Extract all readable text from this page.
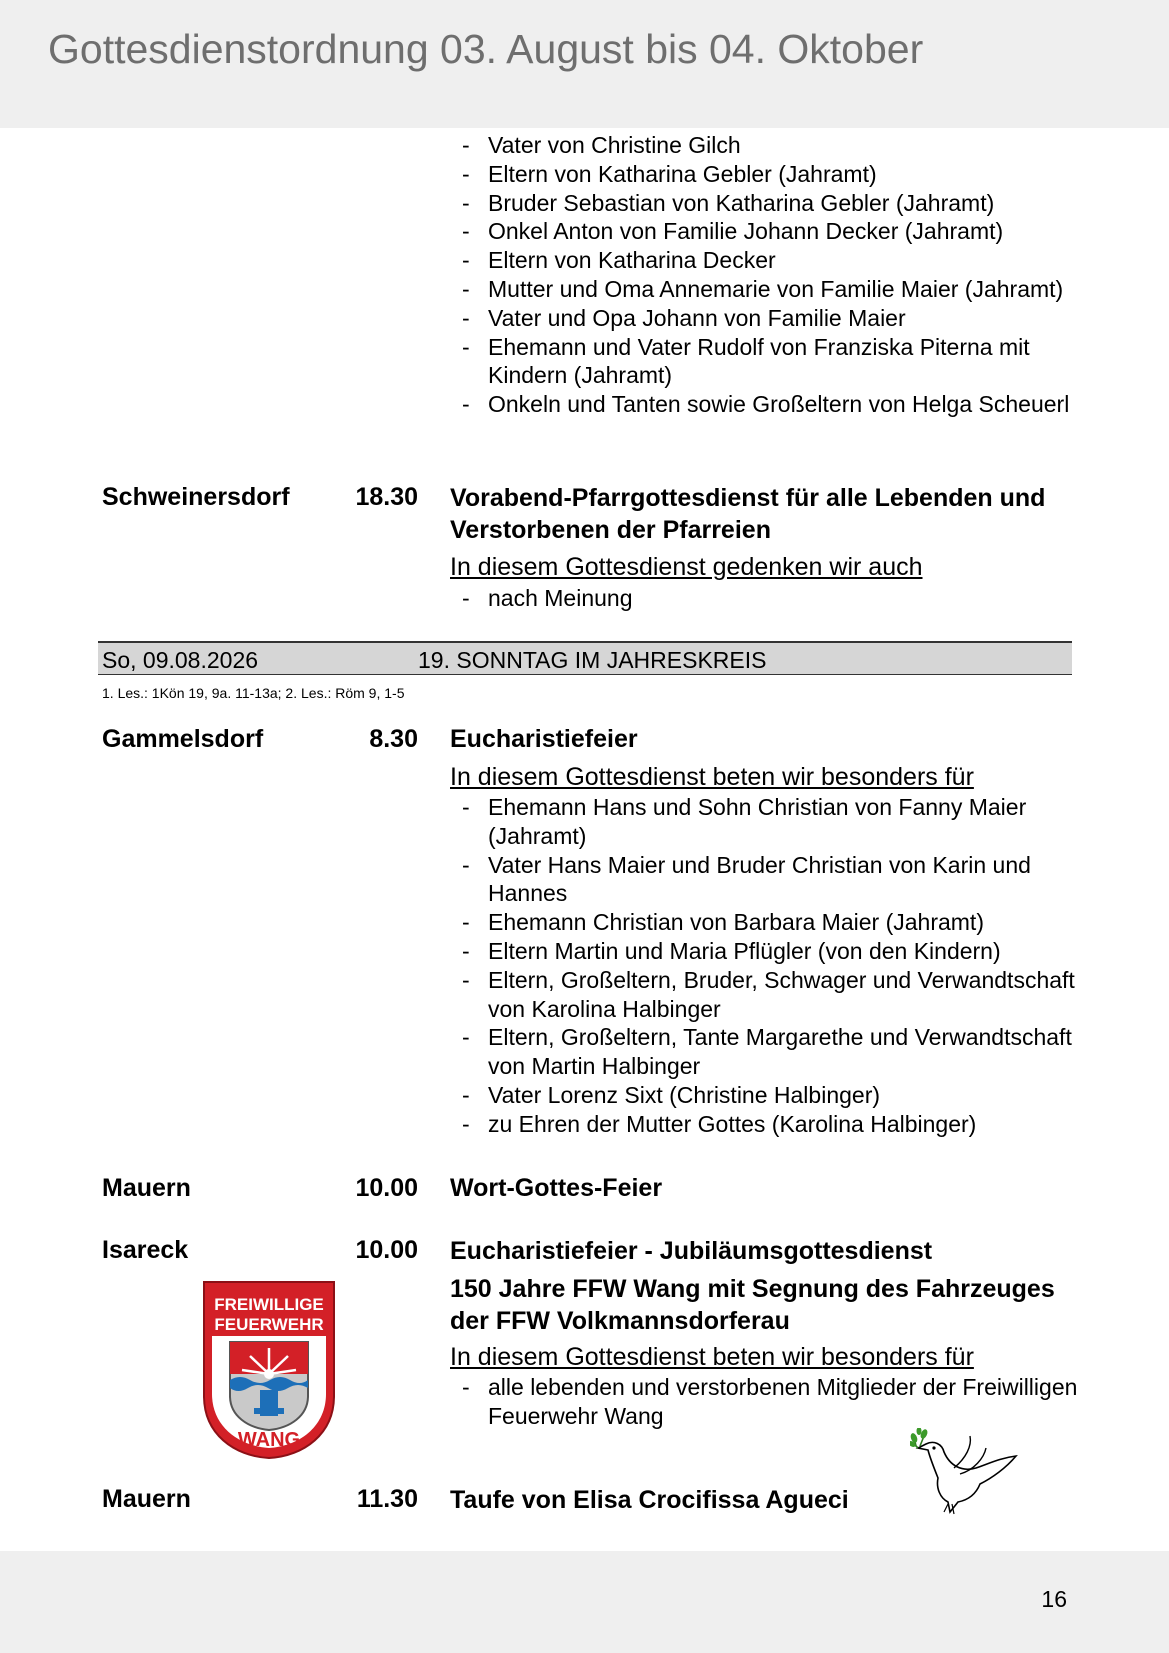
Gottesdienstordnung 03. August bis 04. Oktober
- Vater von Christine Gilch
- Eltern von Katharina Gebler (Jahramt)
- Bruder Sebastian von Katharina Gebler (Jahramt)
- Onkel Anton von Familie Johann Decker (Jahramt)
- Eltern von Katharina Decker
- Mutter und Oma Annemarie von Familie Maier (Jahramt)
- Vater und Opa Johann von Familie Maier
- Ehemann und Vater Rudolf von Franziska Piterna mit Kindern (Jahramt)
- Onkeln und Tanten sowie Großeltern von Helga Scheuerl
Schweinersdorf	18.30 Vorabend-Pfarrgottesdienst für alle Lebenden und Verstorbenen der Pfarreien
In diesem Gottesdienst gedenken wir auch
- nach Meinung
So, 09.08.2026	19. SONNTAG IM JAHRESKREIS
1. Les.: 1Kön 19, 9a. 11-13a; 2. Les.: Röm 9, 1-5
Gammelsdorf	8.30 Eucharistiefeier
In diesem Gottesdienst beten wir besonders für
- Ehemann Hans und Sohn Christian von Fanny Maier (Jahramt)
- Vater Hans Maier und Bruder Christian von Karin und Hannes
- Ehemann Christian von Barbara Maier (Jahramt)
- Eltern Martin und Maria Pflügler (von den Kindern)
- Eltern, Großeltern, Bruder, Schwager und Verwandtschaft von Karolina Halbinger
- Eltern, Großeltern, Tante Margarethe und Verwandtschaft von Martin Halbinger
- Vater Lorenz Sixt (Christine Halbinger)
- zu Ehren der Mutter Gottes (Karolina Halbinger)
Mauern	10.00 Wort-Gottes-Feier
Isareck	10.00 Eucharistiefeier - Jubiläumsgottesdienst
150 Jahre FFW Wang mit Segnung des Fahrzeuges der FFW Volkmannsdorferau
In diesem Gottesdienst beten wir besonders für
- alle lebenden und verstorbenen Mitglieder der Freiwilligen Feuerwehr Wang
FREIWILLIGE
FEUERWEHR
WANG
Mauern	11.30 Taufe von Elisa Crocifissa Agueci
16
